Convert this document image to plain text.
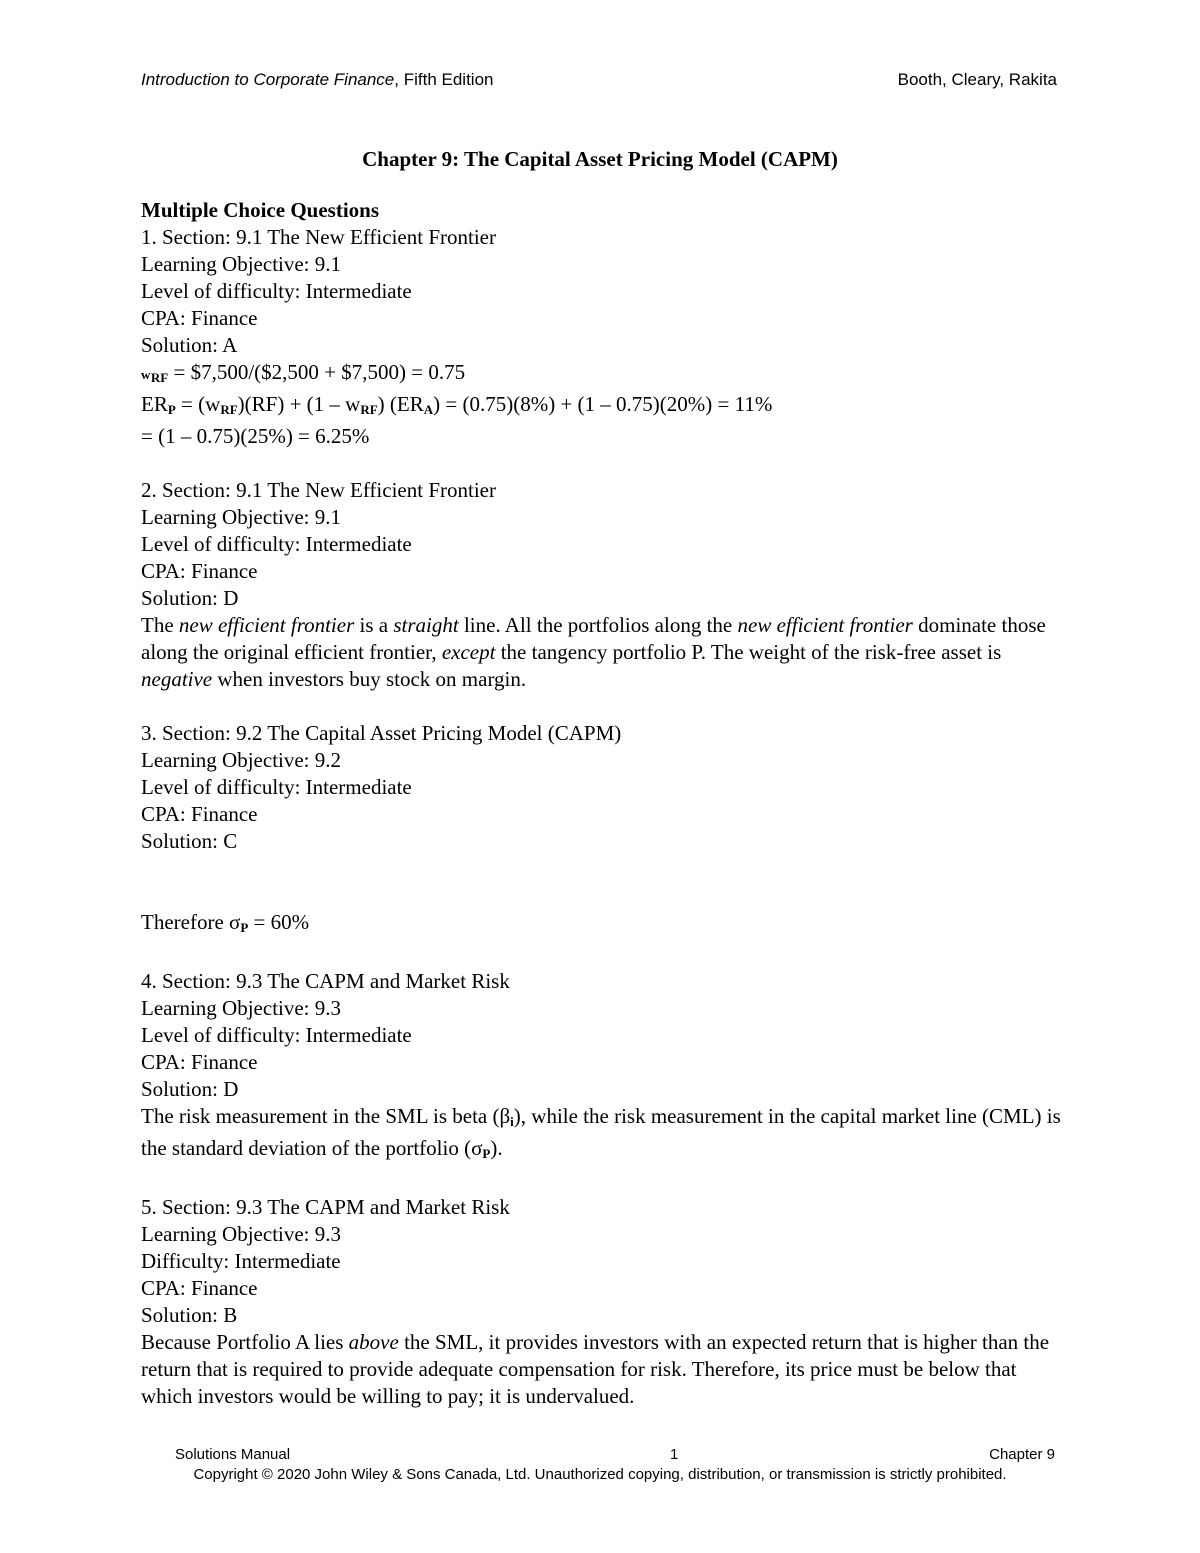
Introduction to Corporate Finance, Fifth Edition	Booth, Cleary, Rakita
Chapter 9: The Capital Asset Pricing Model (CAPM)
Multiple Choice Questions
1. Section: 9.1 The New Efficient Frontier
Learning Objective: 9.1
Level of difficulty: Intermediate
CPA: Finance
Solution: A
$w_{RF}$ = $7,500/($2,500 + $7,500) = 0.75
$ER_P = (w_{RF})(RF) + (1 - w_{RF}) (ER_A) = (0.75)(8\%) + (1 - 0.75)(20\%) = 11\%$
= (1 – 0.75)(25%) = 6.25%
2. Section: 9.1 The New Efficient Frontier
Learning Objective: 9.1
Level of difficulty: Intermediate
CPA: Finance
Solution: D
The new efficient frontier is a straight line. All the portfolios along the new efficient frontier dominate those along the original efficient frontier, except the tangency portfolio P. The weight of the risk-free asset is negative when investors buy stock on margin.
3. Section: 9.2 The Capital Asset Pricing Model (CAPM)
Learning Objective: 9.2
Level of difficulty: Intermediate
CPA: Finance
Solution: C
Therefore $\sigma_P = 60\%$
4. Section: 9.3 The CAPM and Market Risk
Learning Objective: 9.3
Level of difficulty: Intermediate
CPA: Finance
Solution: D
The risk measurement in the SML is beta $(\beta_i)$, while the risk measurement in the capital market line (CML) is the standard deviation of the portfolio $(\sigma_P)$.
5. Section: 9.3 The CAPM and Market Risk
Learning Objective: 9.3
Difficulty: Intermediate
CPA: Finance
Solution: B
Because Portfolio A lies above the SML, it provides investors with an expected return that is higher than the return that is required to provide adequate compensation for risk. Therefore, its price must be below that which investors would be willing to pay; it is undervalued.
Solutions Manual	1	Chapter 9
Copyright © 2020 John Wiley & Sons Canada, Ltd. Unauthorized copying, distribution, or transmission is strictly prohibited.
